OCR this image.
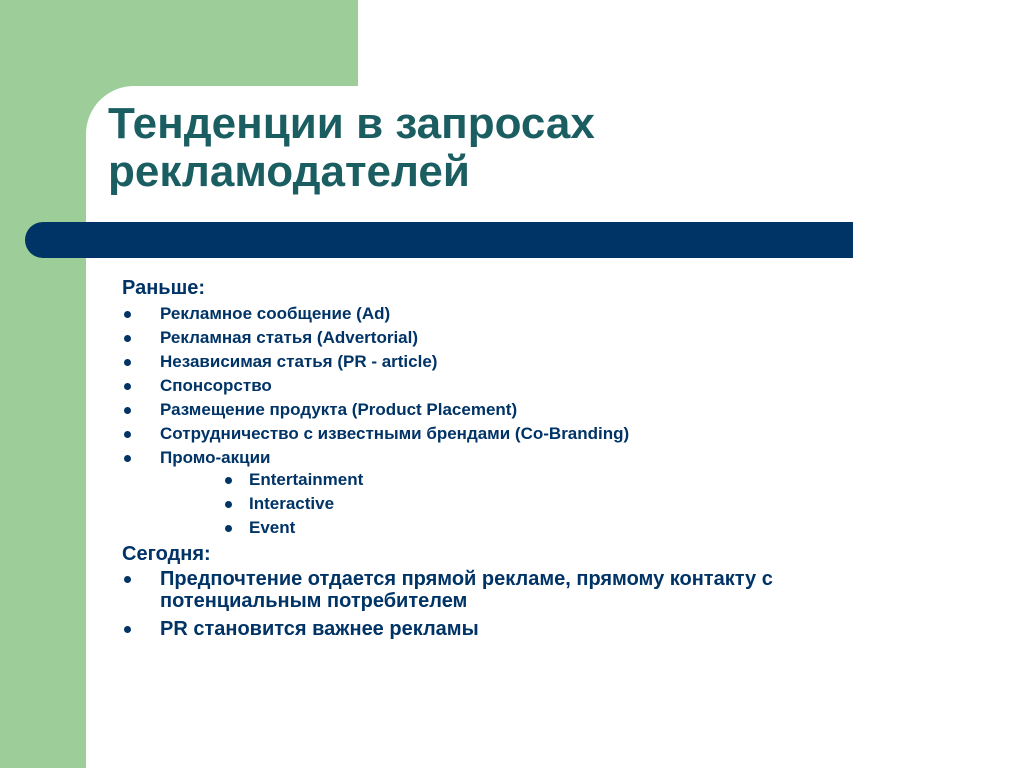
Тенденции в запросах
рекламодателей

Раньше:

Рекламное сообщение (Ad)
Рекламная статья (Advertorial)
Независимая статья (PR - article)
Спонсорство
Размещение продукта (Product Placement)
Сотрудничество с известными брендами (Co-Branding)
Промо-акции
Entertainment
Interactive
Event

Сегодня:

Предпочтение отдается прямой рекламе, прямому контакту с потенциальным потребителем
PR становится важнее рекламы
